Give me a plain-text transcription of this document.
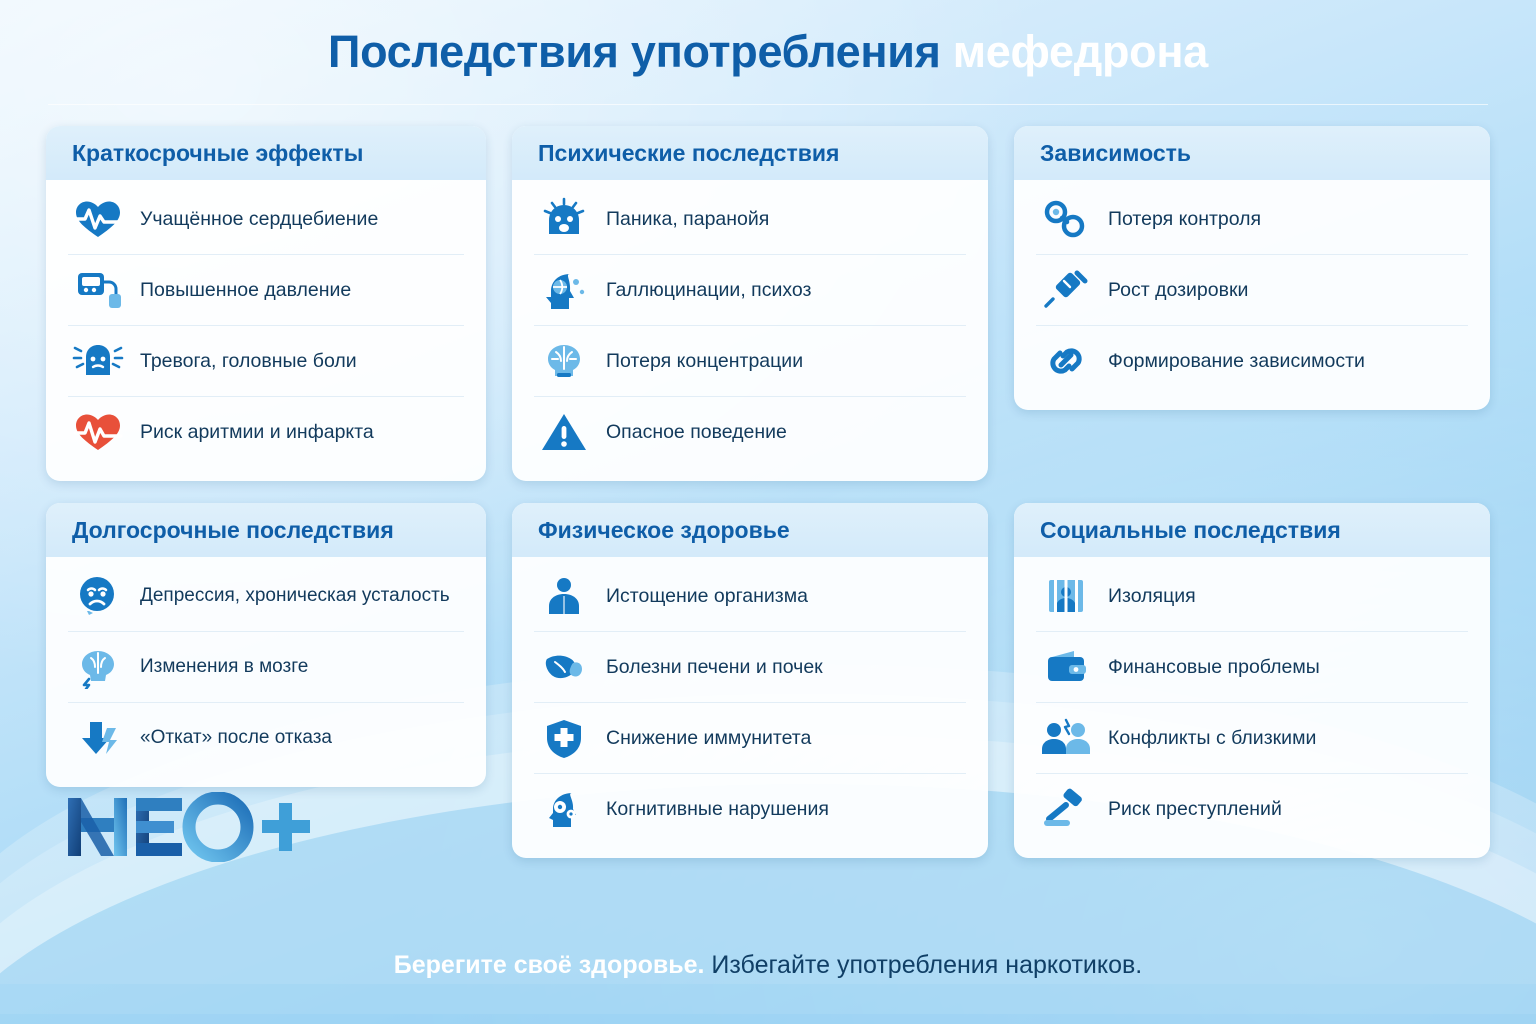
Последствия употребления мефедрона
Краткосрочные эффекты
Учащённое сердцебиение
Повышенное давление
Тревога, головные боли
Риск аритмии и инфаркта
Психические последствия
Паника, паранойя
Галлюцинации, психоз
Потеря концентрации
Опасное поведение
Зависимость
Потеря контроля
Рост дозировки
Формирование зависимости
Долгосрочные последствия
Депрессия, хроническая усталость
Изменения в мозге
«Откат» после отказа
Физическое здоровье
Истощение организма
Болезни печени и почек
Снижение иммунитета
Когнитивные нарушения
Социальные последствия
Изоляция
Финансовые проблемы
Конфликты с близкими
Риск преступлений
Берегите своё здоровье. Избегайте употребления наркотиков.
